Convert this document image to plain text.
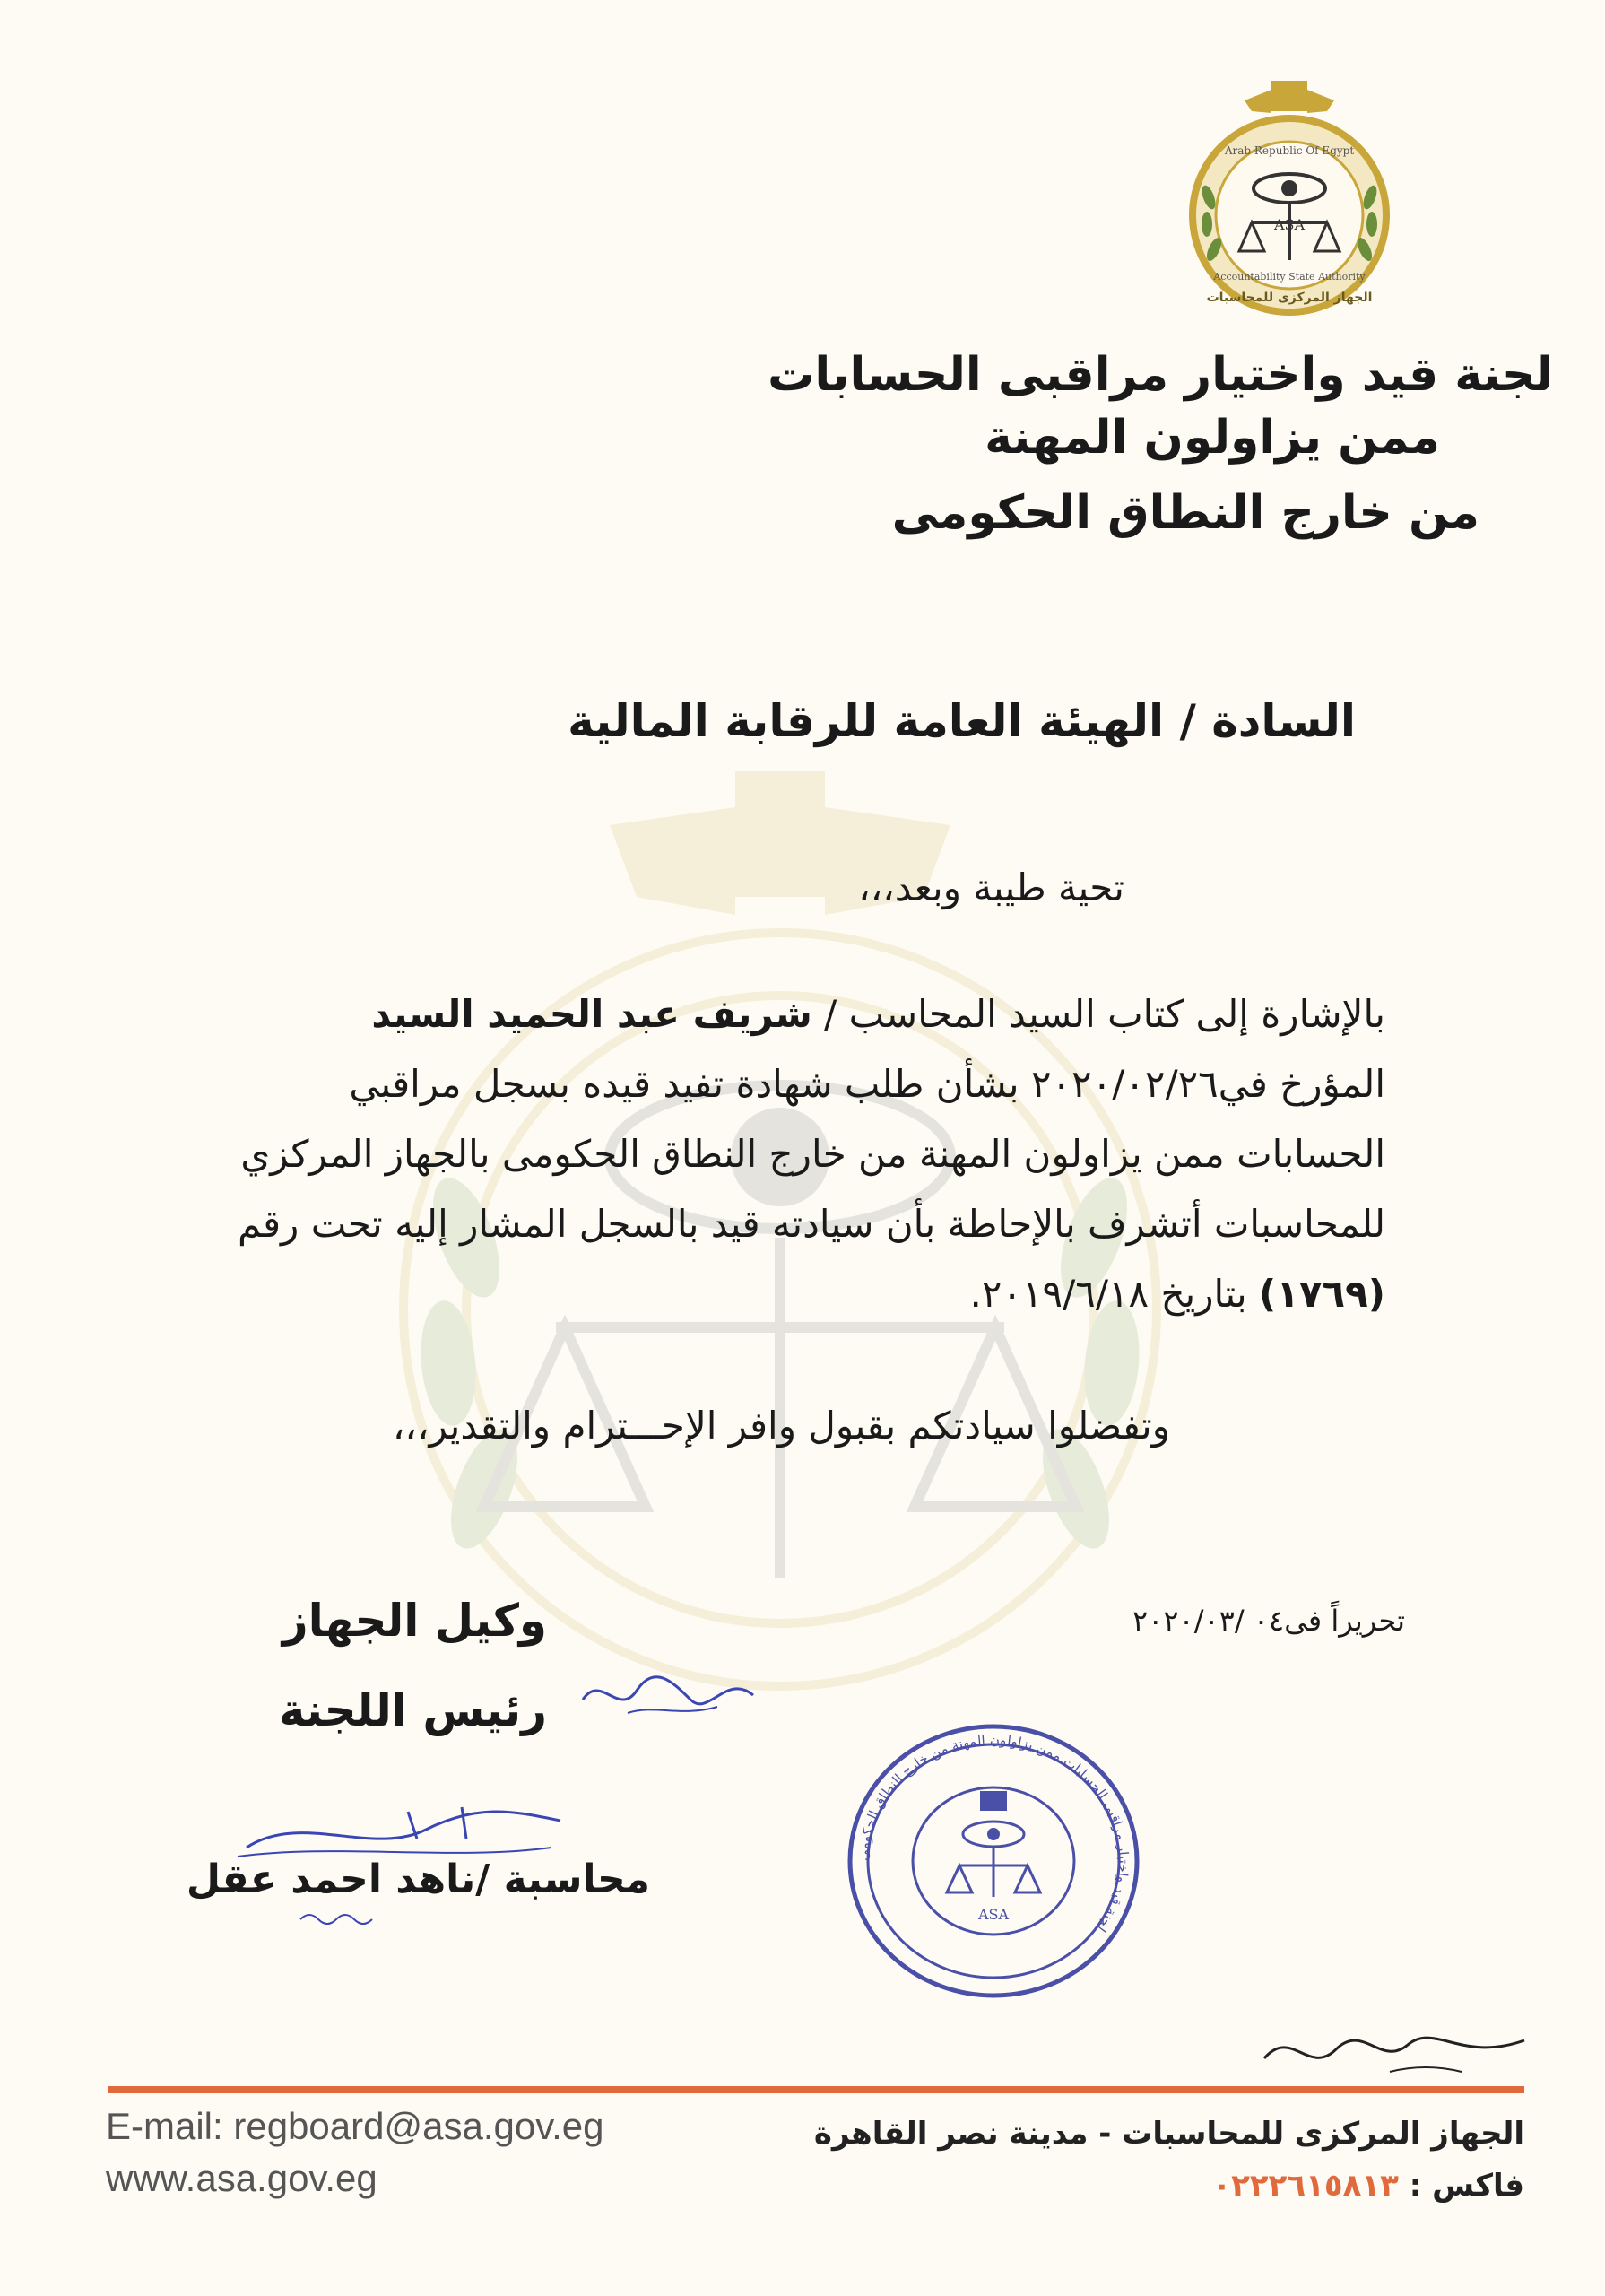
ASA
Arab Republic Of Egypt
Accountability State Authority
الجهاز المركزى للمحاسبات
لجنة قيد واختيار مراقبى الحسابات
ممن يزاولون المهنة
من خارج النطاق الحكومى
السادة / الهيئة العامة للرقابة المالية
تحية طيبة وبعد،،،
بالإشارة إلى كتاب السيد المحاسب / شريف عبد الحميد السيد
المؤرخ في٢٠٢٠/٠٢/٢٦ بشأن طلب شهادة تفيد قيده بسجل مراقبي
الحسابات ممن يزاولون المهنة من خارج النطاق الحكومى بالجهاز المركزي
للمحاسبات أتشرف بالإحاطة بأن سيادته قيد بالسجل المشار إليه تحت رقم
(١٧٦٩) بتاريخ ٢٠١٩/٦/١٨.
وتفضلوا سيادتكم بقبول وافر الإحـــترام والتقدير،،،
تحريراً فى٠٤ /٢٠٢٠/٠٣
وكيل الجهاز
رئيس اللجنة
محاسبة /ناهد احمد عقل
ASA
لجنة قيد واختيار مراقبى الحسابات ممن يزاولون المهنة من خارج النطاق الحكومى
E-mail: regboard@asa.gov.eg
www.asa.gov.eg
الجهاز المركزى للمحاسبات - مدينة نصر القاهرة
فاكس : ٠٢٢٢٦١٥٨١٣
